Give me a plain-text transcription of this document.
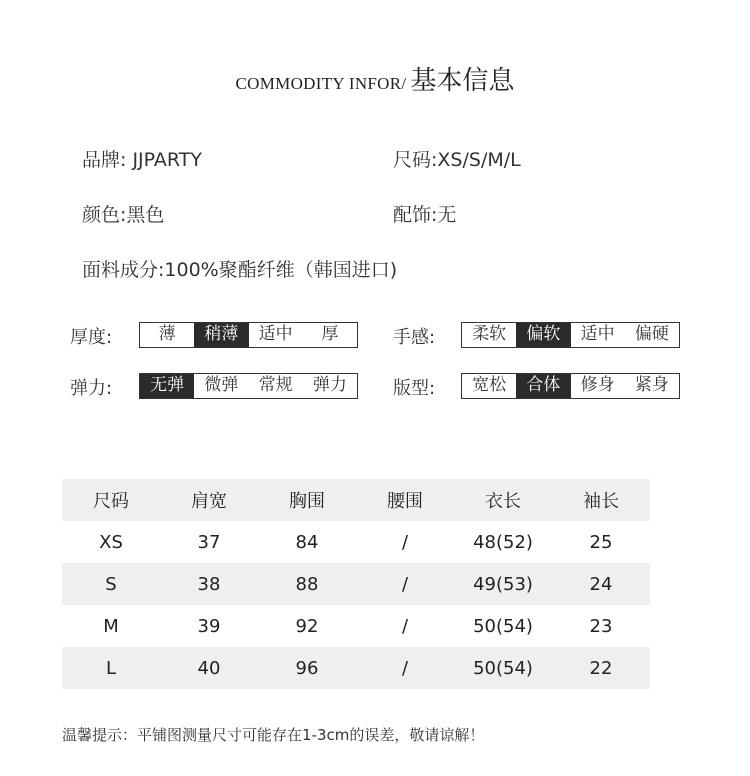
COMMODITY INFOR/ 基本信息
品牌: JJPARTY	尺码:XS/S/M/L
颜色:黑色	配饰:无
面料成分:100%聚酯纤维（韩国进口)
厚度:	薄	稍薄	适中	厚	手感:	柔软	偏软	适中	偏硬
弹力:	无弹	微弹	常规	弹力	版型:	宽松	合体	修身	紧身
尺码	肩宽	胸围	腰围	衣长	袖长
XS	37	84	/	48(52)	25
S	38	88	/	49(53)	24
M	39	92	/	50(54)	23
L	40	96	/	50(54)	22
温馨提示：平铺图测量尺寸可能存在1-3cm的误差，敬请谅解！
